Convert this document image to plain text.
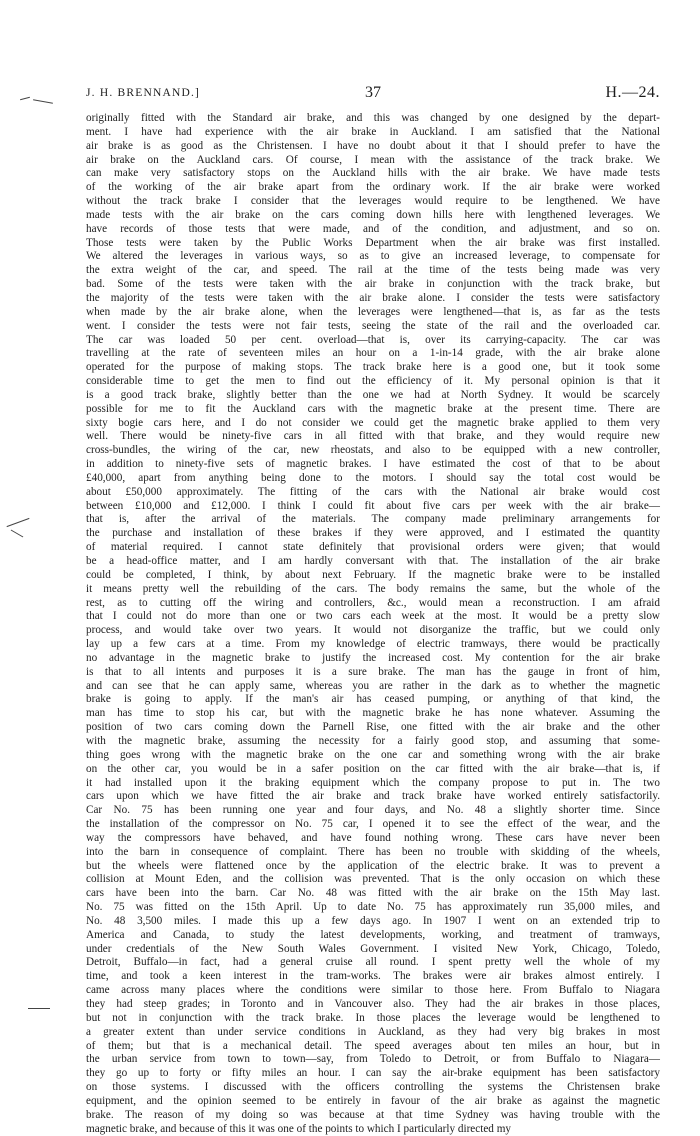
J. H. BRENNAND.]	37	H.—24.
originally fitted with the Standard air brake, and this was changed by one designed by the depart-
ment. I have had experience with the air brake in Auckland. I am satisfied that the National
air brake is as good as the Christensen. I have no doubt about it that I should prefer to have the
air brake on the Auckland cars. Of course, I mean with the assistance of the track brake. We
can make very satisfactory stops on the Auckland hills with the air brake. We have made tests
of the working of the air brake apart from the ordinary work. If the air brake were worked
without the track brake I consider that the leverages would require to be lengthened. We have
made tests with the air brake on the cars coming down hills here with lengthened leverages. We
have records of those tests that were made, and of the condition, and adjustment, and so on.
Those tests were taken by the Public Works Department when the air brake was first installed.
We altered the leverages in various ways, so as to give an increased leverage, to compensate for
the extra weight of the car, and speed. The rail at the time of the tests being made was very
bad. Some of the tests were taken with the air brake in conjunction with the track brake, but
the majority of the tests were taken with the air brake alone. I consider the tests were satisfactory
when made by the air brake alone, when the leverages were lengthened—that is, as far as the tests
went. I consider the tests were not fair tests, seeing the state of the rail and the overloaded car.
The car was loaded 50 per cent. overload—that is, over its carrying-capacity. The car was
travelling at the rate of seventeen miles an hour on a 1-in-14 grade, with the air brake alone
operated for the purpose of making stops. The track brake here is a good one, but it took some
considerable time to get the men to find out the efficiency of it. My personal opinion is that it
is a good track brake, slightly better than the one we had at North Sydney. It would be scarcely
possible for me to fit the Auckland cars with the magnetic brake at the present time. There are
sixty bogie cars here, and I do not consider we could get the magnetic brake applied to them very
well. There would be ninety-five cars in all fitted with that brake, and they would require new
cross-bundles, the wiring of the car, new rheostats, and also to be equipped with a new controller,
in addition to ninety-five sets of magnetic brakes. I have estimated the cost of that to be about
£40,000, apart from anything being done to the motors. I should say the total cost would be
about £50,000 approximately. The fitting of the cars with the National air brake would cost
between £10,000 and £12,000. I think I could fit about five cars per week with the air brake—
that is, after the arrival of the materials. The company made preliminary arrangements for
the purchase and installation of these brakes if they were approved, and I estimated the quantity
of material required. I cannot state definitely that provisional orders were given; that would
be a head-office matter, and I am hardly conversant with that. The installation of the air brake
could be completed, I think, by about next February. If the magnetic brake were to be installed
it means pretty well the rebuilding of the cars. The body remains the same, but the whole of the
rest, as to cutting off the wiring and controllers, &c., would mean a reconstruction. I am afraid
that I could not do more than one or two cars each week at the most. It would be a pretty slow
process, and would take over two years. It would not disorganize the traffic, but we could only
lay up a few cars at a time. From my knowledge of electric tramways, there would be practically
no advantage in the magnetic brake to justify the increased cost. My contention for the air brake
is that to all intents and purposes it is a sure brake. The man has the gauge in front of him,
and can see that he can apply same, whereas you are rather in the dark as to whether the magnetic
brake is going to apply. If the man's air has ceased pumping, or anything of that kind, the
man has time to stop his car, but with the magnetic brake he has none whatever. Assuming the
position of two cars coming down the Parnell Rise, one fitted with the air brake and the other
with the magnetic brake, assuming the necessity for a fairly good stop, and assuming that some-
thing goes wrong with the magnetic brake on the one car and something wrong with the air brake
on the other car, you would be in a safer position on the car fitted with the air brake—that is, if
it had installed upon it the braking equipment which the company propose to put in. The two
cars upon which we have fitted the air brake and track brake have worked entirely satisfactorily.
Car No. 75 has been running one year and four days, and No. 48 a slightly shorter time. Since
the installation of the compressor on No. 75 car, I opened it to see the effect of the wear, and the
way the compressors have behaved, and have found nothing wrong. These cars have never been
into the barn in consequence of complaint. There has been no trouble with skidding of the wheels,
but the wheels were flattened once by the application of the electric brake. It was to prevent a
collision at Mount Eden, and the collision was prevented. That is the only occasion on which these
cars have been into the barn. Car No. 48 was fitted with the air brake on the 15th May last.
No. 75 was fitted on the 15th April. Up to date No. 75 has approximately run 35,000 miles, and
No. 48 3,500 miles. I made this up a few days ago. In 1907 I went on an extended trip to
America and Canada, to study the latest developments, working, and treatment of tramways,
under credentials of the New South Wales Government. I visited New York, Chicago, Toledo,
Detroit, Buffalo—in fact, had a general cruise all round. I spent pretty well the whole of my
time, and took a keen interest in the tram-works. The brakes were air brakes almost entirely. I
came across many places where the conditions were similar to those here. From Buffalo to Niagara
they had steep grades; in Toronto and in Vancouver also. They had the air brakes in those places,
but not in conjunction with the track brake. In those places the leverage would be lengthened to
a greater extent than under service conditions in Auckland, as they had very big brakes in most
of them; but that is a mechanical detail. The speed averages about ten miles an hour, but in
the urban service from town to town—say, from Toledo to Detroit, or from Buffalo to Niagara—
they go up to forty or fifty miles an hour. I can say the air-brake equipment has been satisfactory
on those systems. I discussed with the officers controlling the systems the Christensen brake
equipment, and the opinion seemed to be entirely in favour of the air brake as against the magnetic
brake. The reason of my doing so was because at that time Sydney was having trouble with the
magnetic brake, and because of this it was one of the points to which I particularly directed my
